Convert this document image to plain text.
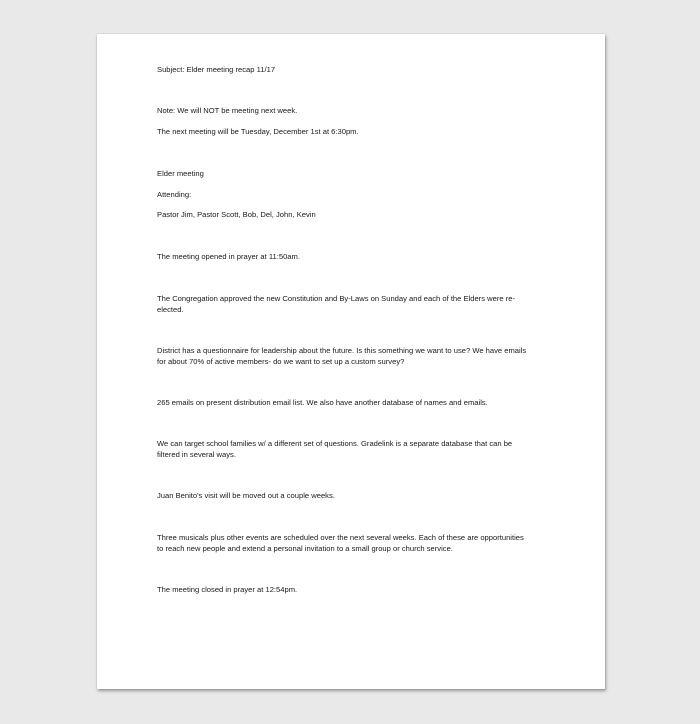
Subject: Elder meeting recap 11/17
Note: We will NOT be meeting next week.
The next meeting will be Tuesday, December 1st at 6:30pm.
Elder meeting
Attending:
Pastor Jim, Pastor Scott, Bob, Del, John, Kevin
The meeting opened in prayer at 11:50am.
The Congregation approved the new Constitution and By-Laws on Sunday and each of the Elders were re-
elected.
District has a questionnaire for leadership about the future. Is this something we want to use? We have emails
for about 70% of active members- do we want to set up a custom survey?
265 emails on present distribution email list. We also have another database of names and emails.
We can target school families w/ a different set of questions. Gradelink is a separate database that can be
filtered in several ways.
Juan Benito's visit will be moved out a couple weeks.
Three musicals plus other events are scheduled over the next several weeks. Each of these are opportunities
to reach new people and extend a personal invitation to a small group or church service.
The meeting closed in prayer at 12:54pm.
